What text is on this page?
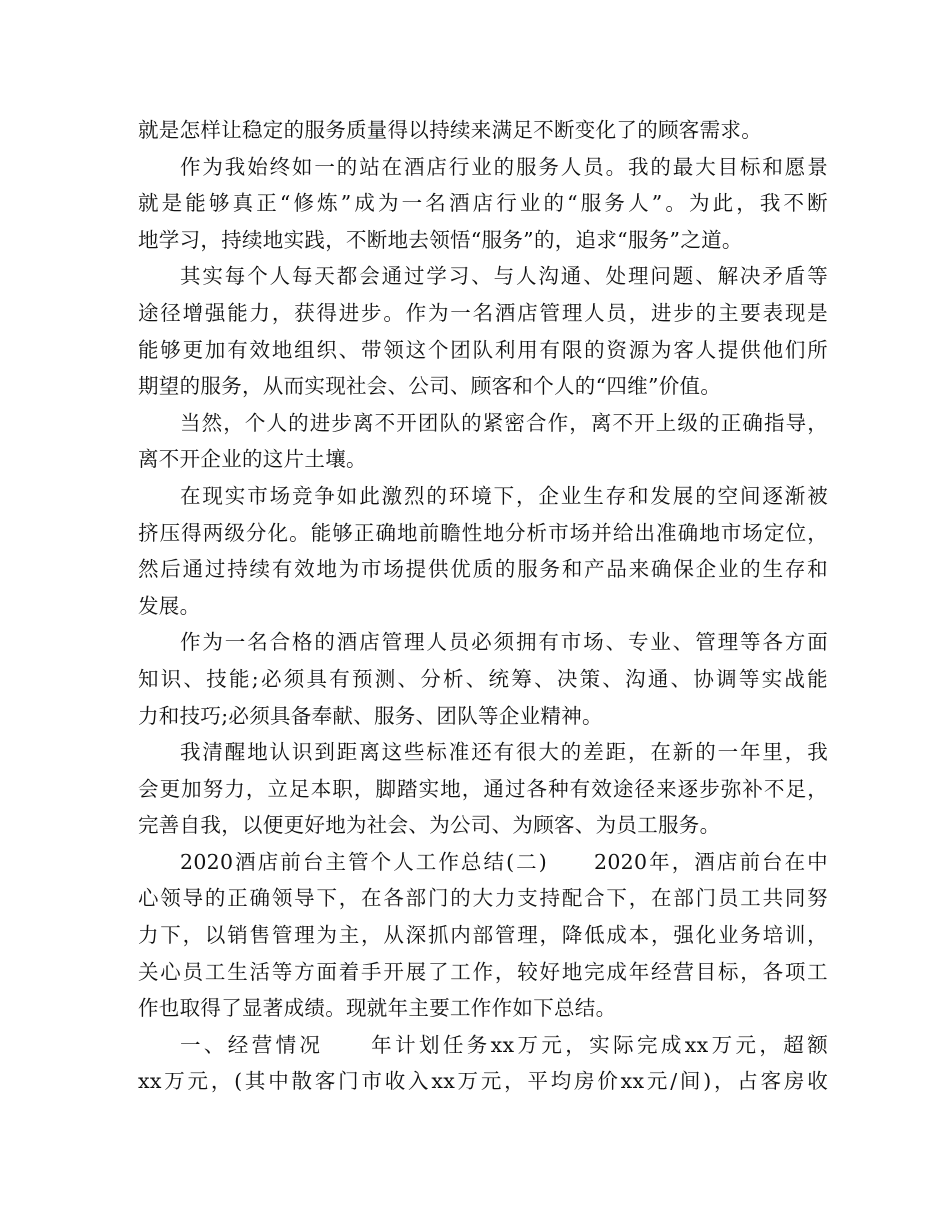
就是怎样让稳定的服务质量得以持续来满足不断变化了的顾客需求。
作为我始终如一的站在酒店行业的服务人员。我的最大目标和愿景
就是能够真正“修炼”成为一名酒店行业的“服务人”。为此，我不断
地学习，持续地实践，不断地去领悟“服务”的，追求“服务”之道。
其实每个人每天都会通过学习、与人沟通、处理问题、解决矛盾等
途径增强能力，获得进步。作为一名酒店管理人员，进步的主要表现是
能够更加有效地组织、带领这个团队利用有限的资源为客人提供他们所
期望的服务，从而实现社会、公司、顾客和个人的“四维”价值。
当然，个人的进步离不开团队的紧密合作，离不开上级的正确指导，
离不开企业的这片土壤。
在现实市场竞争如此激烈的环境下，企业生存和发展的空间逐渐被
挤压得两级分化。能够正确地前瞻性地分析市场并给出准确地市场定位，
然后通过持续有效地为市场提供优质的服务和产品来确保企业的生存和
发展。
作为一名合格的酒店管理人员必须拥有市场、专业、管理等各方面
知识、技能;必须具有预测、分析、统筹、决策、沟通、协调等实战能
力和技巧;必须具备奉献、服务、团队等企业精神。
我清醒地认识到距离这些标准还有很大的差距，在新的一年里，我
会更加努力，立足本职，脚踏实地，通过各种有效途径来逐步弥补不足，
完善自我，以便更好地为社会、为公司、为顾客、为员工服务。
2020酒店前台主管个人工作总结(二)　　2020年，酒店前台在中
心领导的正确领导下，在各部门的大力支持配合下，在部门员工共同努
力下，以销售管理为主，从深抓内部管理，降低成本，强化业务培训，
关心员工生活等方面着手开展了工作，较好地完成年经营目标，各项工
作也取得了显著成绩。现就年主要工作作如下总结。
一、经营情况　　年计划任务xx万元，实际完成xx万元，超额
xx万元，(其中散客门市收入xx万元，平均房价xx元/间)，占客房收
